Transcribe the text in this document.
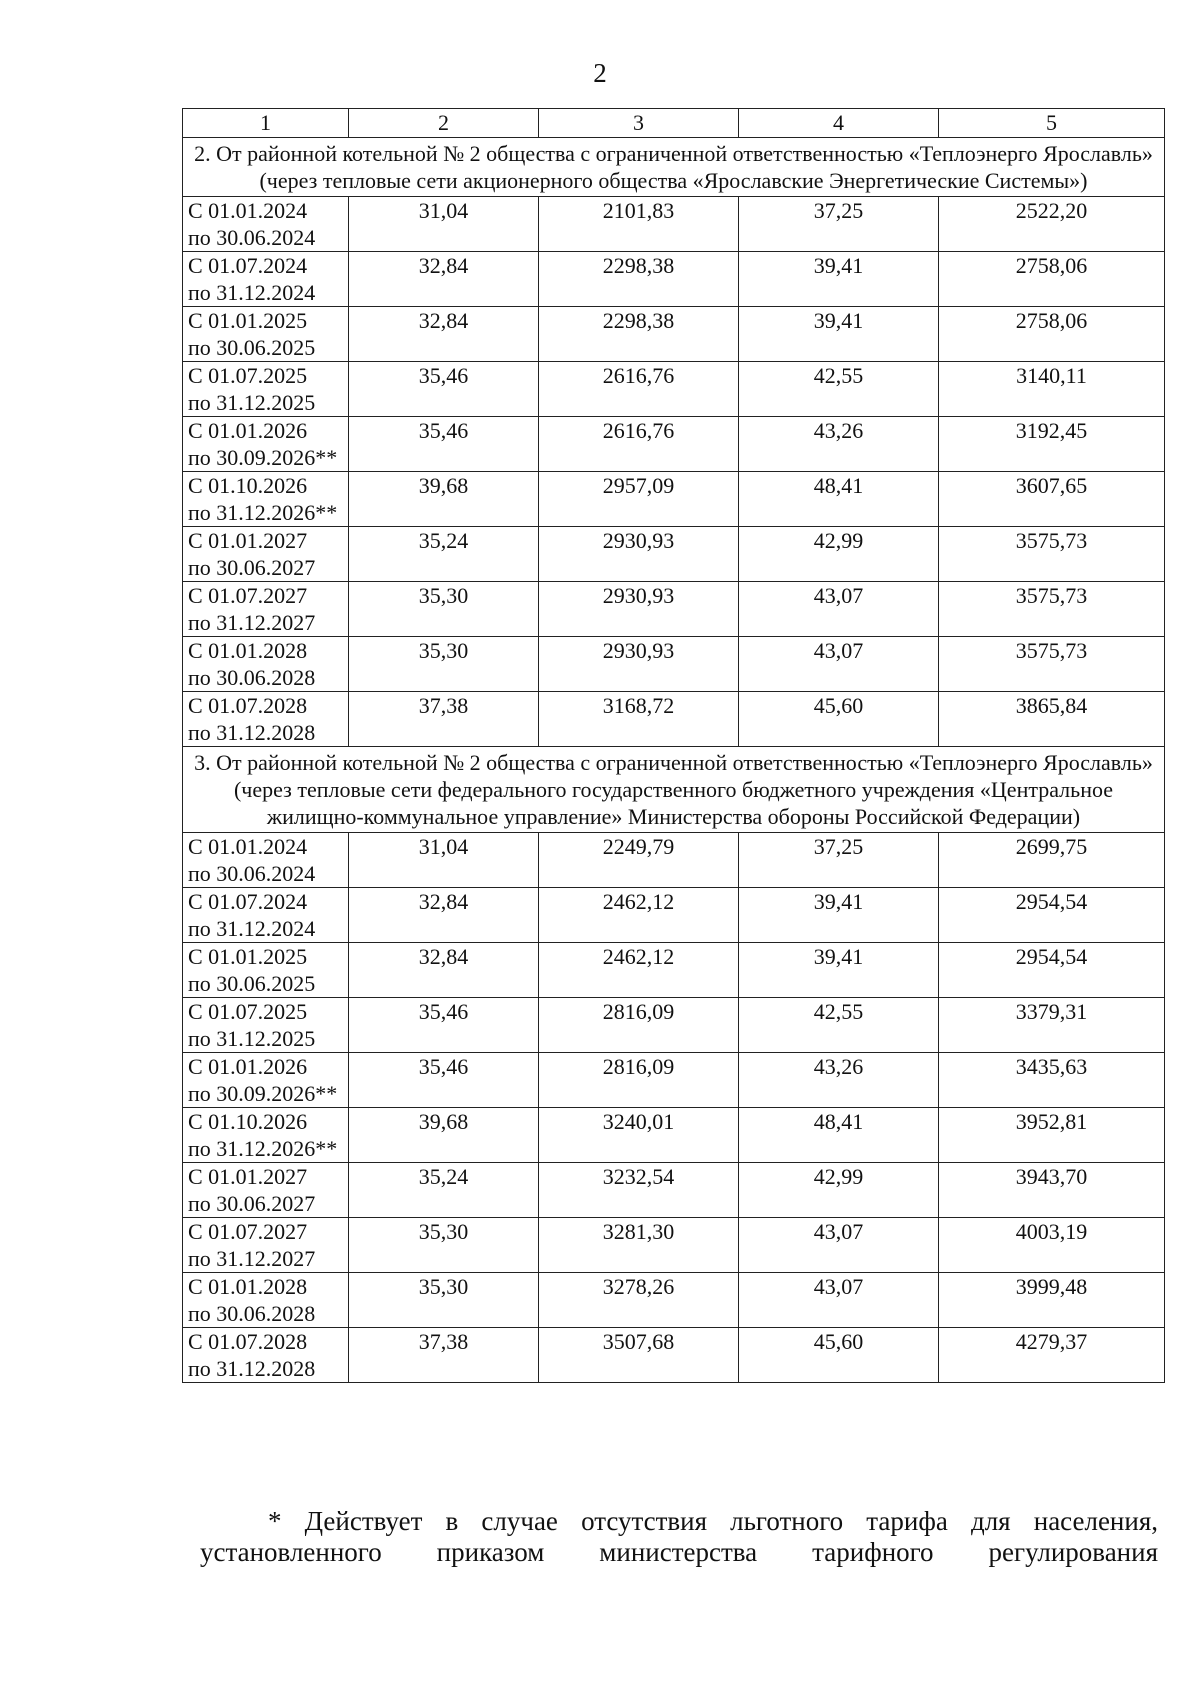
2
1	2	3	4	5
2. От районной котельной № 2 общества с ограниченной ответственностью «Теплоэнерго Ярославль» (через тепловые сети акционерного общества «Ярославские Энергетические Системы»)				

С 01.01.2024
по 30.06.2024	31,04	2101,83	37,25	2522,20

С 01.07.2024
по 31.12.2024	32,84	2298,38	39,41	2758,06

С 01.01.2025
по 30.06.2025	32,84	2298,38	39,41	2758,06

С 01.07.2025
по 31.12.2025	35,46	2616,76	42,55	3140,11

С 01.01.2026
по 30.09.2026**	35,46	2616,76	43,26	3192,45

С 01.10.2026
по 31.12.2026**	39,68	2957,09	48,41	3607,65

С 01.01.2027
по 30.06.2027	35,24	2930,93	42,99	3575,73

С 01.07.2027
по 31.12.2027	35,30	2930,93	43,07	3575,73

С 01.01.2028
по 30.06.2028	35,30	2930,93	43,07	3575,73

С 01.07.2028
по 31.12.2028	37,38	3168,72	45,60	3865,84
3. От районной котельной № 2 общества с ограниченной ответственностью «Теплоэнерго Ярославль» (через тепловые сети федерального государственного бюджетного учреждения «Центральное жилищно-коммунальное управление» Министерства обороны Российской Федерации)				

С 01.01.2024
по 30.06.2024	31,04	2249,79	37,25	2699,75

С 01.07.2024
по 31.12.2024	32,84	2462,12	39,41	2954,54

С 01.01.2025
по 30.06.2025	32,84	2462,12	39,41	2954,54

С 01.07.2025
по 31.12.2025	35,46	2816,09	42,55	3379,31

С 01.01.2026
по 30.09.2026**	35,46	2816,09	43,26	3435,63

С 01.10.2026
по 31.12.2026**	39,68	3240,01	48,41	3952,81

С 01.01.2027
по 30.06.2027	35,24	3232,54	42,99	3943,70

С 01.07.2027
по 31.12.2027	35,30	3281,30	43,07	4003,19

С 01.01.2028
по 30.06.2028	35,30	3278,26	43,07	3999,48

С 01.07.2028
по 31.12.2028	37,38	3507,68	45,60	4279,37
* Действует в случае отсутствия льготного тарифа для населения, установленного приказом министерства тарифного регулирования
